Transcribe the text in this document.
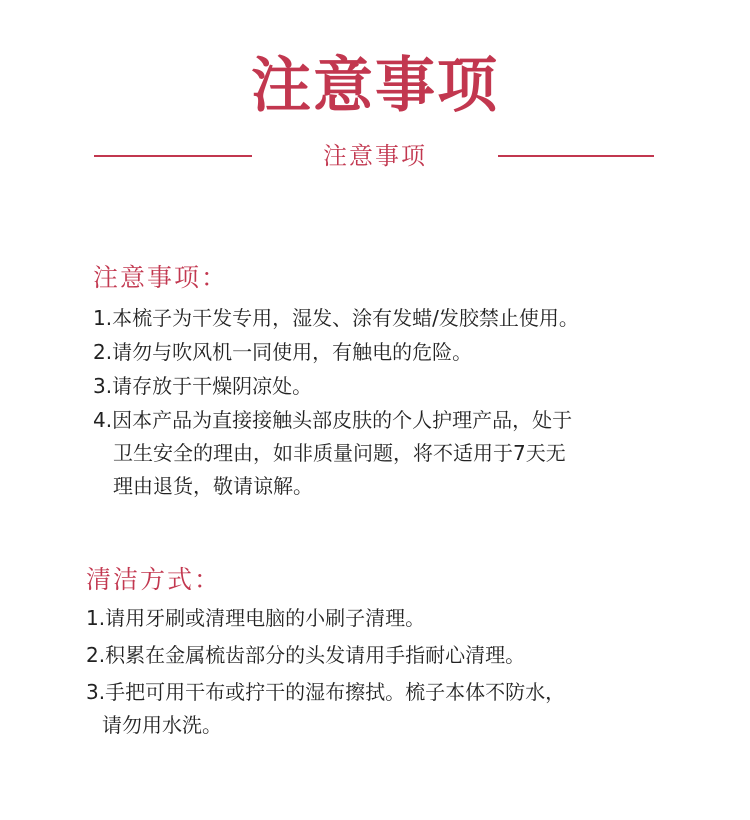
注意事项
注意事项
注意事项：
1.本梳子为干发专用，湿发、涂有发蜡/发胶禁止使用。
2.请勿与吹风机一同使用，有触电的危险。
3.请存放于干燥阴凉处。
4.因本产品为直接接触头部皮肤的个人护理产品，处于
卫生安全的理由，如非质量问题，将不适用于7天无
理由退货，敬请谅解。
清洁方式：
1.请用牙刷或清理电脑的小刷子清理。
2.积累在金属梳齿部分的头发请用手指耐心清理。
3.手把可用干布或拧干的湿布擦拭。梳子本体不防水，
请勿用水洗。
